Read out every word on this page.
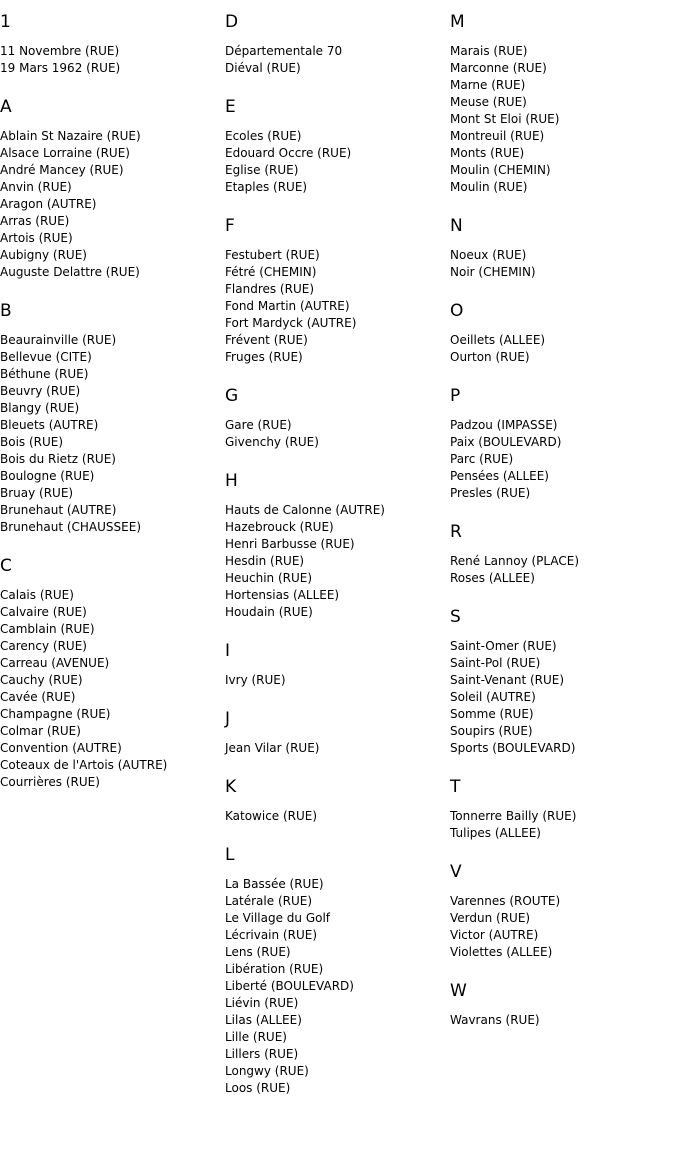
1
11 Novembre (RUE)
19 Mars 1962 (RUE)
A
Ablain St Nazaire (RUE)
Alsace Lorraine (RUE)
André Mancey (RUE)
Anvin (RUE)
Aragon (AUTRE)
Arras (RUE)
Artois (RUE)
Aubigny (RUE)
Auguste Delattre (RUE)
B
Beaurainville (RUE)
Bellevue (CITE)
Béthune (RUE)
Beuvry (RUE)
Blangy (RUE)
Bleuets (AUTRE)
Bois (RUE)
Bois du Rietz (RUE)
Boulogne (RUE)
Bruay (RUE)
Brunehaut (AUTRE)
Brunehaut (CHAUSSEE)
C
Calais (RUE)
Calvaire (RUE)
Camblain (RUE)
Carency (RUE)
Carreau (AVENUE)
Cauchy (RUE)
Cavée (RUE)
Champagne (RUE)
Colmar (RUE)
Convention (AUTRE)
Coteaux de l'Artois (AUTRE)
Courrières (RUE)
D
Départementale 70
Diéval (RUE)
E
Ecoles (RUE)
Edouard Occre (RUE)
Eglise (RUE)
Etaples (RUE)
F
Festubert (RUE)
Fétré (CHEMIN)
Flandres (RUE)
Fond Martin (AUTRE)
Fort Mardyck (AUTRE)
Frévent (RUE)
Fruges (RUE)
G
Gare (RUE)
Givenchy (RUE)
H
Hauts de Calonne (AUTRE)
Hazebrouck (RUE)
Henri Barbusse (RUE)
Hesdin (RUE)
Heuchin (RUE)
Hortensias (ALLEE)
Houdain (RUE)
I
Ivry (RUE)
J
Jean Vilar (RUE)
K
Katowice (RUE)
L
La Bassée (RUE)
Latérale (RUE)
Le Village du Golf
Lécrivain (RUE)
Lens (RUE)
Libération (RUE)
Liberté (BOULEVARD)
Liévin (RUE)
Lilas (ALLEE)
Lille (RUE)
Lillers (RUE)
Longwy (RUE)
Loos (RUE)
M
Marais (RUE)
Marconne (RUE)
Marne (RUE)
Meuse (RUE)
Mont St Eloi (RUE)
Montreuil (RUE)
Monts (RUE)
Moulin (CHEMIN)
Moulin (RUE)
N
Noeux (RUE)
Noir (CHEMIN)
O
Oeillets (ALLEE)
Ourton (RUE)
P
Padzou (IMPASSE)
Paix (BOULEVARD)
Parc (RUE)
Pensées (ALLEE)
Presles (RUE)
R
René Lannoy (PLACE)
Roses (ALLEE)
S
Saint-Omer (RUE)
Saint-Pol (RUE)
Saint-Venant (RUE)
Soleil (AUTRE)
Somme (RUE)
Soupirs (RUE)
Sports (BOULEVARD)
T
Tonnerre Bailly (RUE)
Tulipes (ALLEE)
V
Varennes (ROUTE)
Verdun (RUE)
Victor (AUTRE)
Violettes (ALLEE)
W
Wavrans (RUE)
